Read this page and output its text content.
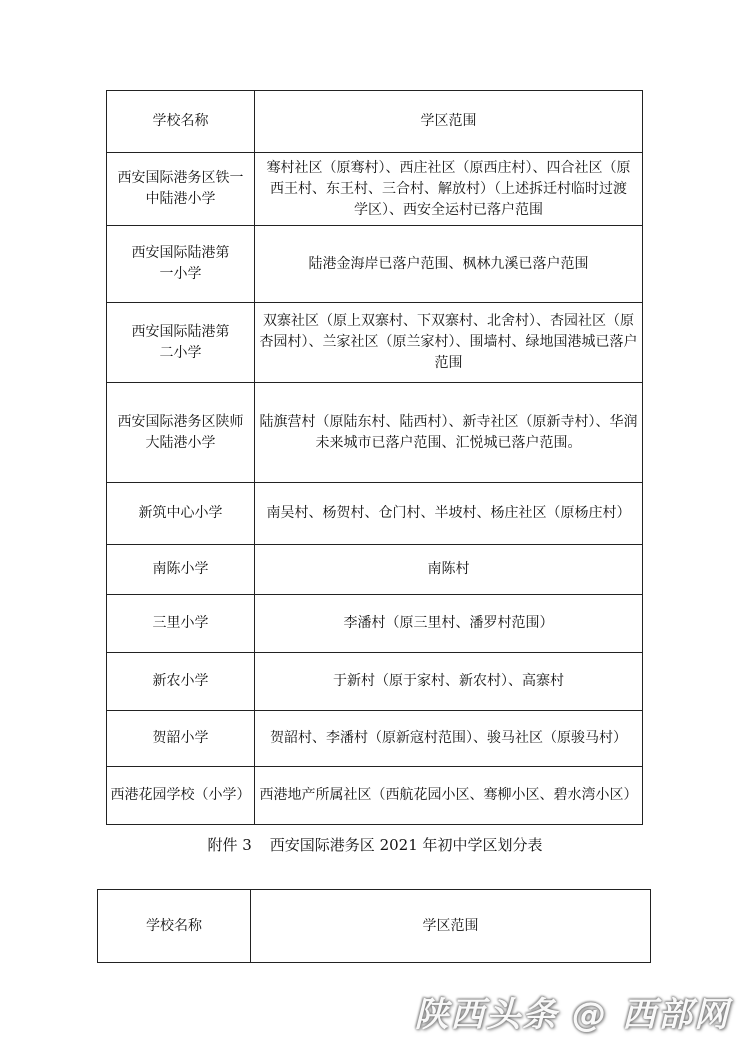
学校名称	学区范围
西安国际港务区铁一中陆港小学	骞村社区（原骞村）、西庄社区（原西庄村）、四合社区（原西王村、东王村、三合村、解放村）（上述拆迁村临时过渡学区）、西安全运村已落户范围
西安国际陆港第一小学	陆港金海岸已落户范围、枫林九溪已落户范围
西安国际陆港第二小学	双寨社区（原上双寨村、下双寨村、北舍村）、杏园社区（原杏园村）、兰家社区（原兰家村）、围墙村、绿地国港城已落户范围
西安国际港务区陕师大陆港小学	陆旗营村（原陆东村、陆西村）、新寺社区（原新寺村）、华润未来城市已落户范围、汇悦城已落户范围。
新筑中心小学	南吴村、杨贺村、仓门村、半坡村、杨庄社区（原杨庄村）
南陈小学	南陈村
三里小学	李潘村（原三里村、潘罗村范围）
新农小学	于新村（原于家村、新农村）、高寨村
贺韶小学	贺韶村、李潘村（原新寇村范围）、骏马社区（原骏马村）
西港花园学校（小学）	西港地产所属社区（西航花园小区、骞柳小区、碧水湾小区）
附件 3 西安国际港务区 2021 年初中学区划分表
学校名称	学区范围
陕西头条 @ 西部网
